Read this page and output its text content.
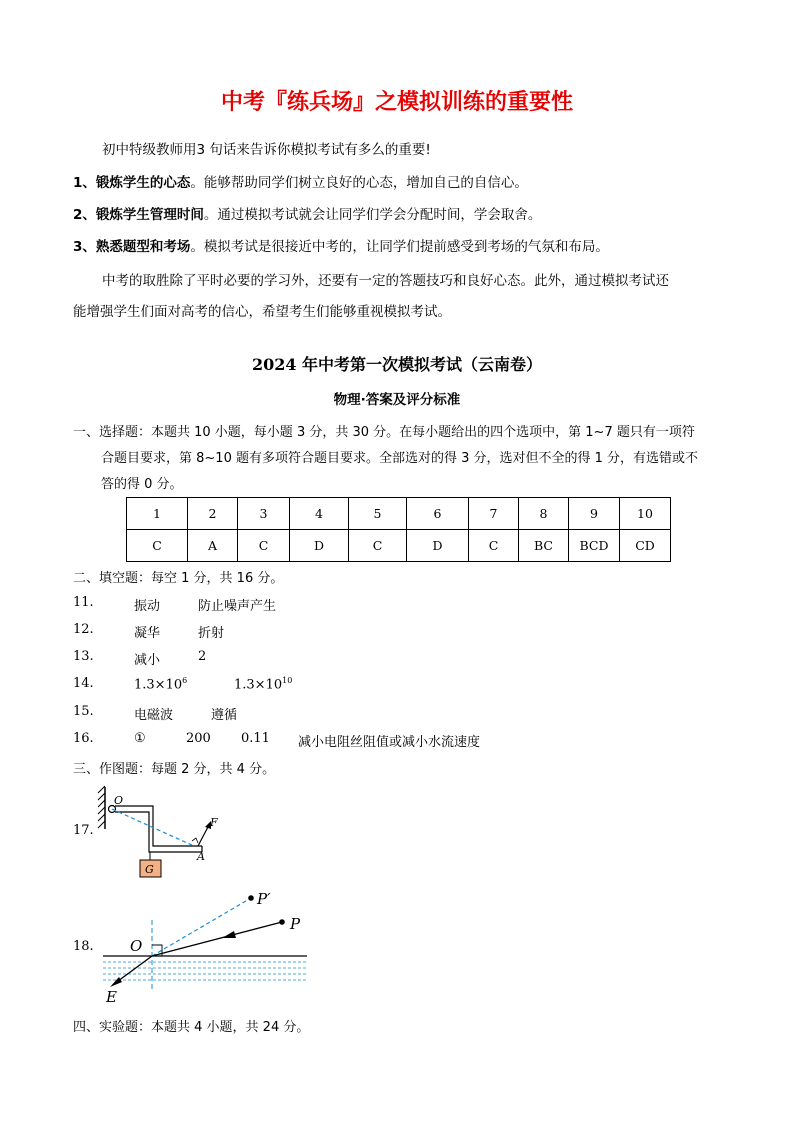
中考『练兵场』之模拟训练的重要性
初中特级教师用3 句话来告诉你模拟考试有多么的重要!
1、锻炼学生的心态。能够帮助同学们树立良好的心态，增加自己的自信心。
2、锻炼学生管理时间。通过模拟考试就会让同学们学会分配时间，学会取舍。
3、熟悉题型和考场。模拟考试是很接近中考的，让同学们提前感受到考场的气氛和布局。
中考的取胜除了平时必要的学习外，还要有一定的答题技巧和良好心态。此外，通过模拟考试还
能增强学生们面对高考的信心，希望考生们能够重视模拟考试。
2024 年中考第一次模拟考试（云南卷）
物理·答案及评分标准
一、选择题：本题共 10 小题，每小题 3 分，共 30 分。在每小题给出的四个选项中，第 1~7 题只有一项符
合题目要求，第 8~10 题有多项符合题目要求。全部选对的得 3 分，选对但不全的得 1 分，有选错或不
答的得 0 分。
1	2	3	4	5	6	7	8	9	10
C	A	C	D	C	D	C	BC	BCD	CD
二、填空题：每空 1 分，共 16 分。
11.	振动	防止噪声产生
12.	凝华	折射
13.	减小	2
14.	$1.3\times 10^6$	$1.3\times 10^{10}$
15.	电磁波	遵循
16.	①	200 0.11 减小电阻丝阻值或减小水流速度
三、作图题：每题 2 分，共 4 分。
17.
O
F
A
G
18.
P′
P
O
E
四、实验题：本题共 4 小题，共 24 分。
